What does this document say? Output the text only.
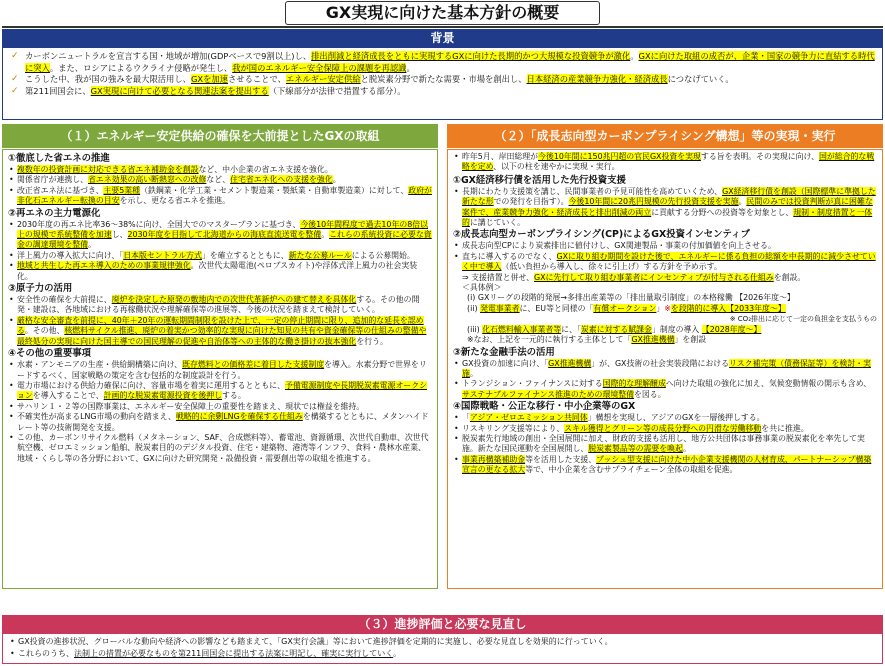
GX実現に向けた基本方針の概要
背景
✓ カーボンニュートラルを宣言する国・地域が増加(GDPベースで9割以上)し、排出削減と経済成長をともに実現するGXに向けた長期的かつ大規模な投資競争が激化。GXに向けた取組の成否が、企業・国家の競争力に直結する時代に突入。また、ロシアによるウクライナ侵略が発生し、我が国のエネルギー安全保障上の課題を再認識。
✓ こうした中、我が国の強みを最大限活用し、GXを加速させることで、エネルギー安定供給と脱炭素分野で新たな需要・市場を創出し、日本経済の産業競争力強化・経済成長につなげていく。
✓ 第211回国会に、GX実現に向けて必要となる関連法案を提出する（下線部分が法律で措置する部分）。
（１）エネルギー安定供給の確保を大前提としたGXの取組
①徹底した省エネの推進
• 複数年の投資計画に対応できる省エネ補助金を創設など、中小企業の省エネ支援を強化。
• 関係省庁が連携し、省エネ効果の高い断熱窓への改修など、住宅省エネ化への支援を強化。
• 改正省エネ法に基づき、主要5業種（鉄鋼業・化学工業・セメント製造業・製紙業・自動車製造業）に対して、政府が非化石エネルギー転換の目安を示し、更なる省エネを推進。
②再エネの主力電源化
• 2030年度の再エネ比率36～38%に向け、全国大でのマスタープランに基づき、今後10年間程度で過去10年の8倍以上の規模で系統整備を加速し、2030年度を目指して北海道からの海底直流送電を整備。これらの系統投資に必要な資金の調達環境を整備。
• 洋上風力の導入拡大に向け、「日本版セントラル方式」を確立するとともに、新たな公募ルールによる公募開始。
• 地域と共生した再エネ導入のための事業規律強化。次世代太陽電池(ペロブスカイト)や浮体式洋上風力の社会実装化。
③原子力の活用
• 安全性の確保を大前提に、廃炉を決定した原発の敷地内での次世代革新炉への建て替えを具体化する。その他の開発・建設は、各地域における再稼働状況や理解確保等の進展等、今後の状況を踏まえて検討していく。
• 厳格な安全審査を前提に、40年＋20年の運転期間制限を設けた上で、一定の停止期間に限り、追加的な延長を認める。その他、核燃料サイクル推進、廃炉の着実かつ効率的な実現に向けた知見の共有や資金確保等の仕組みの整備や最終処分の実現に向けた国主導での国民理解の促進や自治体等への主体的な働き掛けの抜本強化を行う。
④その他の重要事項
• 水素・アンモニアの生産・供給網構築に向け、既存燃料との価格差に着目した支援制度を導入。水素分野で世界をリードするべく、国家戦略の策定を含む包括的な制度設計を行う。
• 電力市場における供給力確保に向け、容量市場を着実に運用するとともに、予備電源制度や長期脱炭素電源オークションを導入することで、計画的な脱炭素電源投資を後押しする。
• サハリン１・２等の国際事業は、エネルギー安全保障上の重要性を踏まえ、現状では権益を維持。
• 不確実性が高まるLNG市場の動向を踏まえ、戦略的に余剰LNGを確保する仕組みを構築するとともに、メタンハイドレート等の技術開発を支援。
• この他、カーボンリサイクル燃料（メタネーション、SAF、合成燃料等）、蓄電池、資源循環、次世代自動車、次世代航空機、ゼロエミッション船舶、脱炭素目的のデジタル投資、住宅・建築物、港湾等インフラ、食料・農林水産業、地域・くらし等の各分野において、GXに向けた研究開発・設備投資・需要創出等の取組を推進する。
（２）「成長志向型カーボンプライシング構想」等の実現・実行
• 昨年5月、岸田総理が今後10年間に150兆円超の官民GX投資を実現する旨を表明。その実現に向け、国が総合的な戦略を定め、以下の柱を速やかに実現・実行。
①GX経済移行債を活用した先行投資支援
• 長期にわたり支援策を講じ、民間事業者の予見可能性を高めていくため、GX経済移行債を創設（国際標準に準拠した新たな形での発行を目指す）。今後10年間に20兆円規模の先行投資支援を実施。民間のみでは投資判断が真に困難な案件で、産業競争力強化・経済成長と排出削減の両立に貢献する分野への投資等を対象とし、規制・制度措置と一体的に講じていく。
②成長志向型カーボンプライシング(CP)によるGX投資インセンティブ
• 成長志向型CPにより炭素排出に値付けし、GX関連製品・事業の付加価値を向上させる。
• 直ちに導入するのでなく、GXに取り組む期間を設けた後で、エネルギーに係る負担の総額を中長期的に減少させていく中で導入（低い負担から導入し、徐々に引上げ）する方針を予め示す。
⇒ 支援措置と併せ、GXに先行して取り組む事業者にインセンティブが付与される仕組みを創設。
＜具体例＞
(i) GXリーグの段階的発展→多排出産業等の「排出量取引制度」の本格稼働 【2026年度～】
(ii) 発電事業者に、EU等と同様の「有償オークション」※を段階的に導入【2033年度～】
※ CO₂排出に応じて一定の負担金を支払うもの
(iii) 化石燃料輸入事業者等に、「炭素に対する賦課金」制度の導入 【2028年度～】
※なお、上記を一元的に執行する主体として「GX推進機構」を創設
③新たな金融手法の活用
• GX投資の加速に向け、「GX推進機構」が、GX技術の社会実装段階におけるリスク補完策（債務保証等）を検討・実施。
• トランジション・ファイナンスに対する国際的な理解醸成へ向けた取組の強化に加え、気候変動情報の開示も含め、サステナブルファイナンス推進のための環境整備を図る。
④国際戦略・公正な移行・中小企業等のGX
• 「アジア・ゼロエミッション共同体」構想を実現し、アジアのGXを一層後押しする。
• リスキリング支援等により、スキル獲得とグリーン等の成長分野への円滑な労働移動を共に推進。
• 脱炭素先行地域の創出・全国展開に加え、財政的支援も活用し、地方公共団体は事務事業の脱炭素化を率先して実施。新たな国民運動を全国展開し、脱炭素製品等の需要を喚起。
• 事業再構築補助金等を活用した支援、プッシュ型支援に向けた中小企業支援機関の人材育成、パートナーシップ構築宣言の更なる拡大等で、中小企業を含むサプライチェーン全体の取組を促進。
（３）進捗評価と必要な見直し
• GX投資の進捗状況、グローバルな動向や経済への影響なども踏まえて、「GX実行会議」等において進捗評価を定期的に実施し、必要な見直しを効果的に行っていく。
• これらのうち、法制上の措置が必要なものを第211回国会に提出する法案に明記し、確実に実行していく。
